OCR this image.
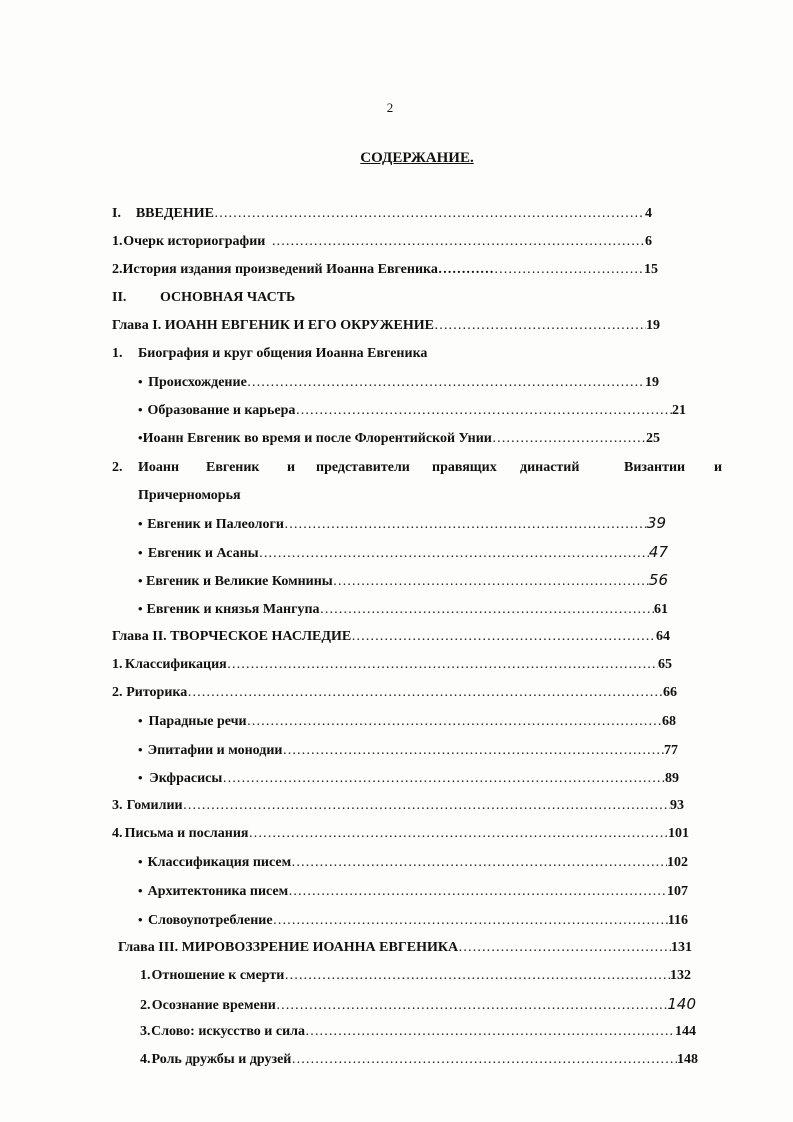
2
СОДЕРЖАНИЕ.
I.	ВВЕДЕНИЕ ……………………………………………………………………………………………………………………………………………………………………	4
1. Очерк историографии ……………………………………………………………………………………………………………………………………………………………………	6
2. История издания произведений Иоанна Евгеника………… ……………………………………………………………………………………………………………………………………………………………………	15
II.	ОСНОВНАЯ ЧАСТЬ
Глава I. ИОАНН ЕВГЕНИК И ЕГО ОКРУЖЕНИЕ ……………………………………………………………………………………………………………………………………………………………………	19
1.	Биография и круг общения Иоанна Евгеника
• Происхождение ……………………………………………………………………………………………………………………………………………………………………	19
• Образование и карьера ……………………………………………………………………………………………………………………………………………………………………	21
• Иоанн Евгеник во время и после Флорентийской Унии ……………………………………………………………………………………………………………………………………………………………………	25
2. Иоанн Евгеник и представители правящих династий	Византии и
Причерноморья
• Евгеник и Палеологи ……………………………………………………………………………………………………………………………………………………………………	39
• Евгеник и Асаны ……………………………………………………………………………………………………………………………………………………………………	47
• Евгеник и Великие Комнины ……………………………………………………………………………………………………………………………………………………………………	56
• Евгеник и князья Мангупа ……………………………………………………………………………………………………………………………………………………………………	61
Глава II. ТВОРЧЕСКОЕ НАСЛЕДИЕ ……………………………………………………………………………………………………………………………………………………………………	64
1. Классификация ……………………………………………………………………………………………………………………………………………………………………	65
2. Риторика ……………………………………………………………………………………………………………………………………………………………………	66
• Парадные речи ……………………………………………………………………………………………………………………………………………………………………	68
• Эпитафии и монодии ……………………………………………………………………………………………………………………………………………………………………	77
• Экфрасисы ……………………………………………………………………………………………………………………………………………………………………	89
3. Гомилии ……………………………………………………………………………………………………………………………………………………………………	93
4. Письма и послания ……………………………………………………………………………………………………………………………………………………………………	101
• Классификация писем ……………………………………………………………………………………………………………………………………………………………………	102
• Архитектоника писем ……………………………………………………………………………………………………………………………………………………………………	107
• Словоупотребление ……………………………………………………………………………………………………………………………………………………………………	116
Глава III. МИРОВОЗЗРЕНИЕ ИОАННА ЕВГЕНИКА ……………………………………………………………………………………………………………………………………………………………………	131
1. Отношение к смерти ……………………………………………………………………………………………………………………………………………………………………	132
2. Осознание времени ……………………………………………………………………………………………………………………………………………………………………	140
3. Слово: искусство и сила ……………………………………………………………………………………………………………………………………………………………………	144
4. Роль дружбы и друзей ……………………………………………………………………………………………………………………………………………………………………	148
